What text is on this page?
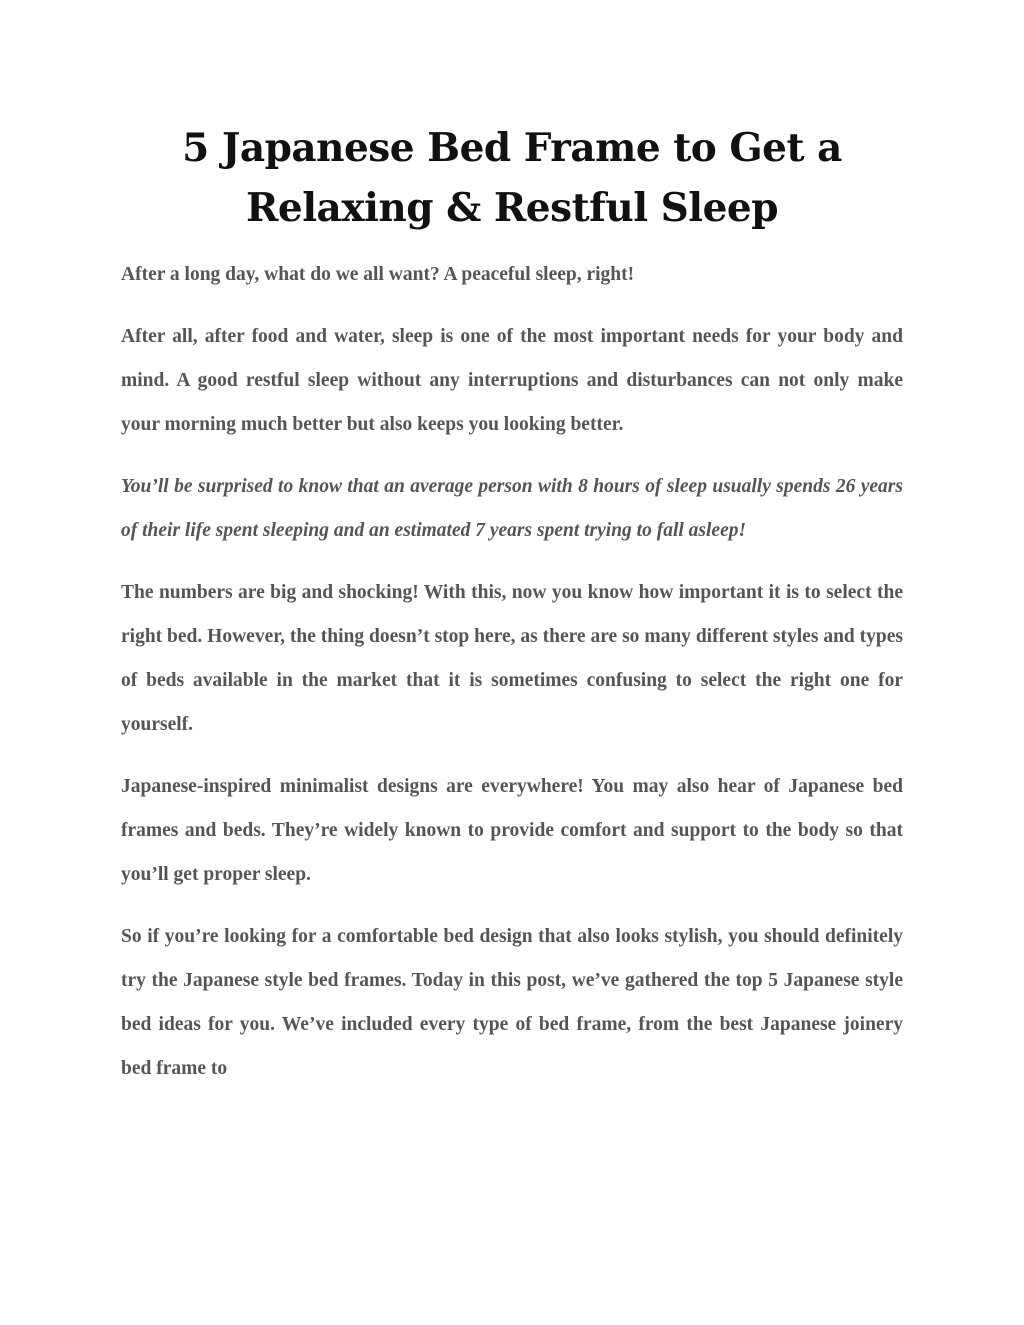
5 Japanese Bed Frame to Get a Relaxing & Restful Sleep

After a long day, what do we all want? A peaceful sleep, right!

After all, after food and water, sleep is one of the most important needs for your body and mind. A good restful sleep without any interruptions and disturbances can not only make your morning much better but also keeps you looking better.

You’ll be surprised to know that an average person with 8 hours of sleep usually spends 26 years of their life spent sleeping and an estimated 7 years spent trying to fall asleep!

The numbers are big and shocking! With this, now you know how important it is to select the right bed. However, the thing doesn’t stop here, as there are so many different styles and types of beds available in the market that it is sometimes confusing to select the right one for yourself.

Japanese-inspired minimalist designs are everywhere! You may also hear of Japanese bed frames and beds. They’re widely known to provide comfort and support to the body so that you’ll get proper sleep.

So if you’re looking for a comfortable bed design that also looks stylish, you should definitely try the Japanese style bed frames. Today in this post, we’ve gathered the top 5 Japanese style bed ideas for you. We’ve included every type of bed frame, from the best Japanese joinery bed frame to
